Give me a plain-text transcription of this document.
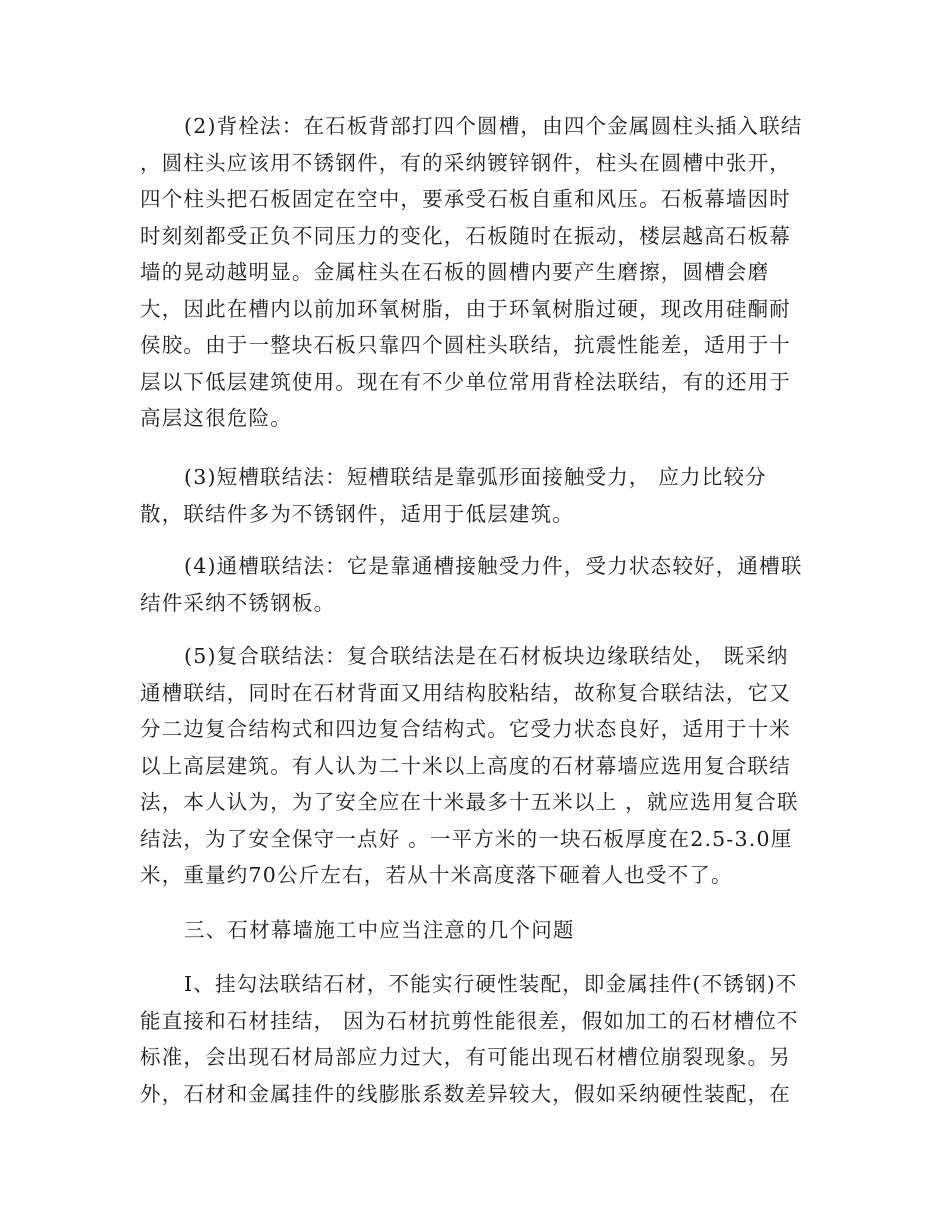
(2)背栓法：在石板背部打四个圆槽，由四个金属圆柱头插入联结
，圆柱头应该用不锈钢件，有的采纳镀锌钢件，柱头在圆槽中张开，
四个柱头把石板固定在空中，要承受石板自重和风压。石板幕墙因时
时刻刻都受正负不同压力的变化，石板随时在振动，楼层越高石板幕
墙的晃动越明显。金属柱头在石板的圆槽内要产生磨擦，圆槽会磨
大，因此在槽内以前加环氧树脂，由于环氧树脂过硬，现改用硅酮耐
侯胶。由于一整块石板只靠四个圆柱头联结，抗震性能差，适用于十
层以下低层建筑使用。现在有不少单位常用背栓法联结，有的还用于
高层这很危险。
(3)短槽联结法：短槽联结是靠弧形面接触受力， 应力比较分
散，联结件多为不锈钢件，适用于低层建筑。
(4)通槽联结法：它是靠通槽接触受力件，受力状态较好，通槽联
结件采纳不锈钢板。
(5)复合联结法：复合联结法是在石材板块边缘联结处， 既采纳
通槽联结，同时在石材背面又用结构胶粘结，故称复合联结法，它又
分二边复合结构式和四边复合结构式。它受力状态良好，适用于十米
以上高层建筑。有人认为二十米以上高度的石材幕墙应选用复合联结
法，本人认为，为了安全应在十米最多十五米以上 ，就应选用复合联
结法，为了安全保守一点好 。一平方米的一块石板厚度在2.5-3.0厘
米，重量约70公斤左右，若从十米高度落下砸着人也受不了。
三、石材幕墙施工中应当注意的几个问题
I、挂勾法联结石材，不能实行硬性装配，即金属挂件(不锈钢)不
能直接和石材挂结， 因为石材抗剪性能很差，假如加工的石材槽位不
标准，会出现石材局部应力过大，有可能出现石材槽位崩裂现象。另
外，石材和金属挂件的线膨胀系数差异较大，假如采纳硬性装配，在
